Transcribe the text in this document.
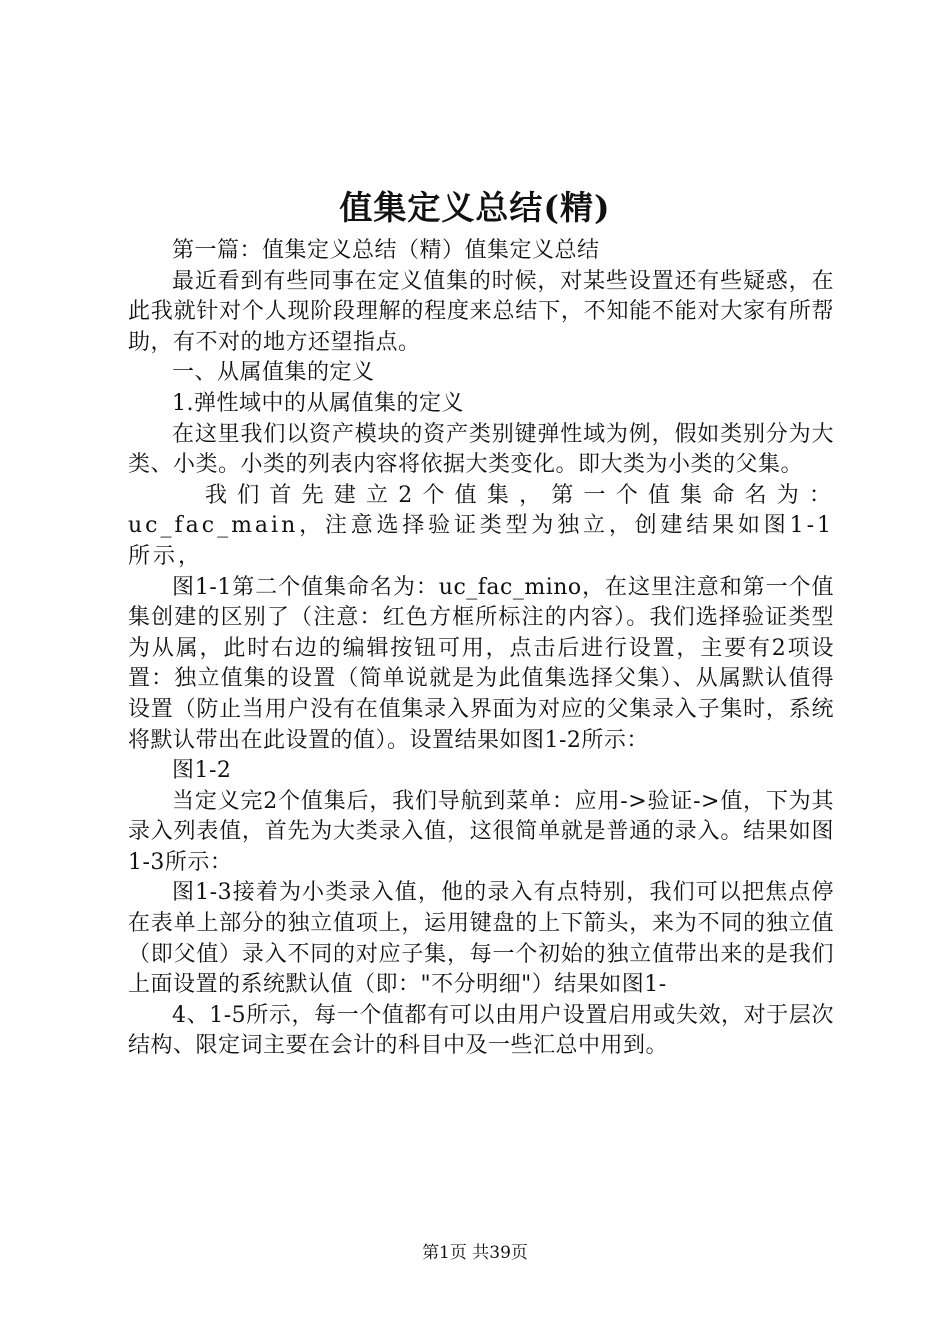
值集定义总结(精)

第一篇：值集定义总结（精）值集定义总结

最近看到有些同事在定义值集的时候，对某些设置还有些疑惑，在此我就针对个人现阶段理解的程度来总结下，不知能不能对大家有所帮助，有不对的地方还望指点。

一、从属值集的定义

1.弹性域中的从属值集的定义

在这里我们以资产模块的资产类别键弹性域为例，假如类别分为大类、小类。小类的列表内容将依据大类变化。即大类为小类的父集。

我们首先建立2个值集，第一个值集命名为：uc_fac_main，注意选择验证类型为独立，创建结果如图1-1所示，

图1-1第二个值集命名为：uc_fac_mino，在这里注意和第一个值集创建的区别了（注意：红色方框所标注的内容）。我们选择验证类型为从属，此时右边的编辑按钮可用，点击后进行设置，主要有2项设置：独立值集的设置（简单说就是为此值集选择父集）、从属默认值得设置（防止当用户没有在值集录入界面为对应的父集录入子集时，系统将默认带出在此设置的值）。设置结果如图1-2所示：

图1-2

当定义完2个值集后，我们导航到菜单：应用->验证->值，下为其录入列表值，首先为大类录入值，这很简单就是普通的录入。结果如图1-3所示：

图1-3接着为小类录入值，他的录入有点特别，我们可以把焦点停在表单上部分的独立值项上，运用键盘的上下箭头，来为不同的独立值（即父值）录入不同的对应子集，每一个初始的独立值带出来的是我们上面设置的系统默认值（即："不分明细"）结果如图1-

4、1-5所示，每一个值都有可以由用户设置启用或失效，对于层次结构、限定词主要在会计的科目中及一些汇总中用到。

第1页 共39页
